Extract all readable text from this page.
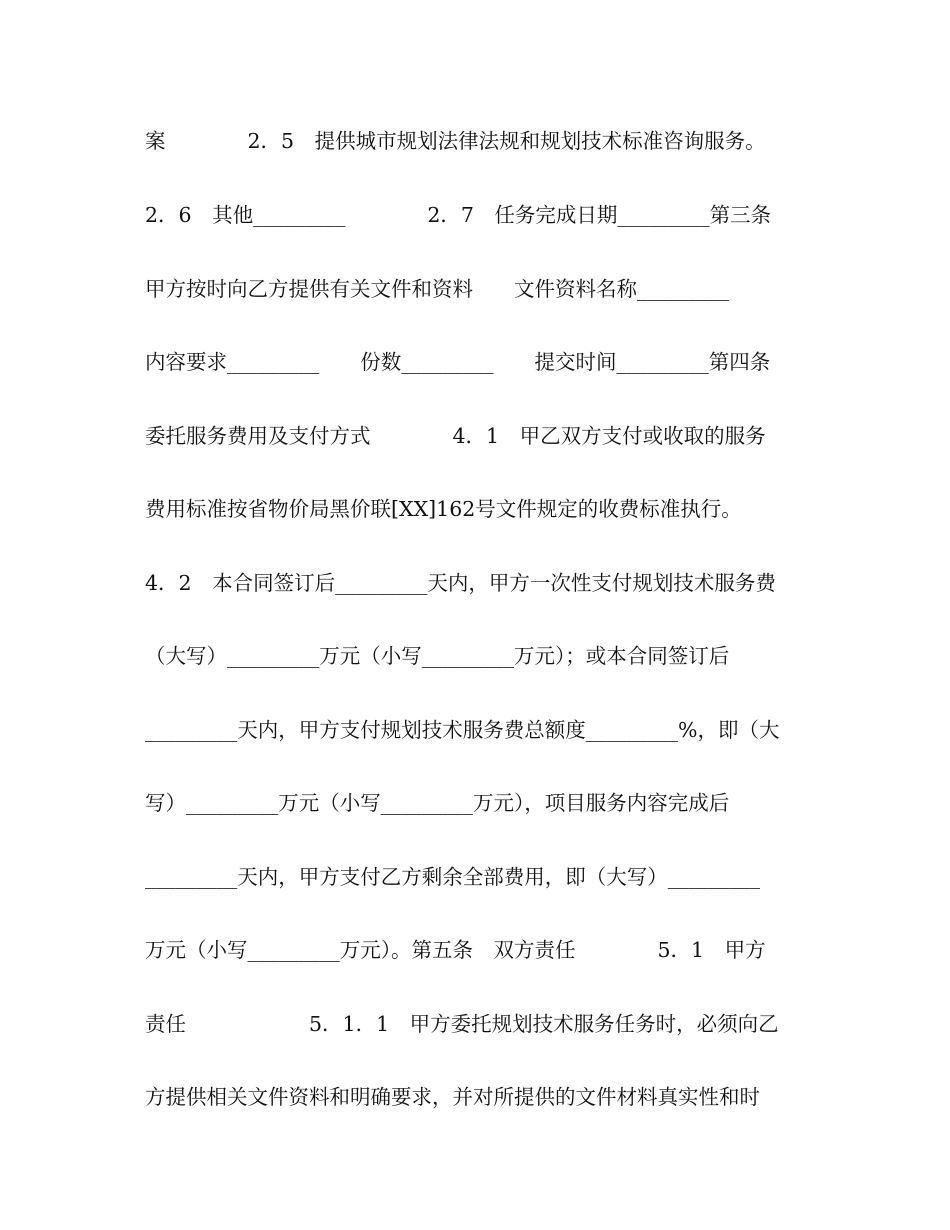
案　　　　2．5　提供城市规划法律法规和规划技术标准咨询服务。
2．6　其他_________　　　　2．7　任务完成日期_________第三条
甲方按时向乙方提供有关文件和资料　　文件资料名称_________
内容要求_________　　份数_________　　提交时间_________第四条
委托服务费用及支付方式　　　　4．1　甲乙双方支付或收取的服务
费用标准按省物价局黑价联[XX]162号文件规定的收费标准执行。
4．2　本合同签订后_________天内，甲方一次性支付规划技术服务费
（大写）_________万元（小写_________万元）；或本合同签订后
_________天内，甲方支付规划技术服务费总额度_________%，即（大
写）_________万元（小写_________万元），项目服务内容完成后
_________天内，甲方支付乙方剩余全部费用，即（大写）_________
万元（小写_________万元）。第五条　双方责任　　　　5．1　甲方
责任　　　　　　5．1．1　甲方委托规划技术服务任务时，必须向乙
方提供相关文件资料和明确要求，并对所提供的文件材料真实性和时
